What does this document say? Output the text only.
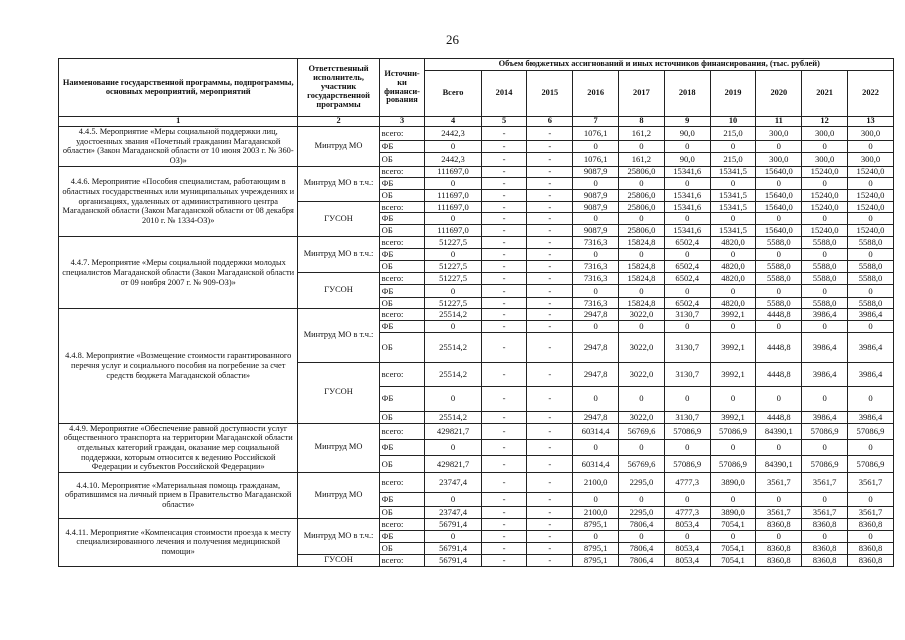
26
Наименование государственной программы, подпрограммы, основных мероприятий, мероприятий	Ответственный исполнитель, участник государственной программы	Источни-ки финанси-рования	Объем бюджетных ассигнований и иных источников финансирования, (тыс. рублей)									
			Всего	2014	2015	2016	2017	2018	2019	2020	2021	2022
1	2	3	4	5	6	7	8	9	10	11	12	13
4.4.5. Мероприятие «Меры социальной поддержки лиц, удостоенных звания «Почетный гражданин Магаданской области» (Закон Магаданской области от 10 июня 2003 г. № 360-ОЗ)»	Минтруд МО	всего:	2442,3	-	-	1076,1	161,2	90,0	215,0	300,0	300,0	300,0
		ФБ	0	-	-	0	0	0	0	0	0	0
		ОБ	2442,3	-	-	1076,1	161,2	90,0	215,0	300,0	300,0	300,0
4.4.6. Мероприятие «Пособия специалистам, работающим в областных государственных или муниципальных учреждениях и организациях, удаленных от административного центра Магаданской области (Закон Магаданской области от 08 декабря 2010 г. № 1334-ОЗ)»	Минтруд МО в т.ч.:	всего:	111697,0	-	-	9087,9	25806,0	15341,6	15341,5	15640,0	15240,0	15240,0
		ФБ	0	-	-	0	0	0	0	0	0	0
		ОБ	111697,0	-	-	9087,9	25806,0	15341,6	15341,5	15640,0	15240,0	15240,0
	ГУСОН	всего:	111697,0	-	-	9087,9	25806,0	15341,6	15341,5	15640,0	15240,0	15240,0
		ФБ	0	-	-	0	0	0	0	0	0	0
		ОБ	111697,0	-	-	9087,9	25806,0	15341,6	15341,5	15640,0	15240,0	15240,0
4.4.7. Мероприятие «Меры социальной поддержки молодых специалистов Магаданской области (Закон Магаданской области от 09 ноября 2007 г. № 909-ОЗ)»	Минтруд МО в т.ч.:	всего:	51227,5	-	-	7316,3	15824,8	6502,4	4820,0	5588,0	5588,0	5588,0
		ФБ	0	-	-	0	0	0	0	0	0	0
		ОБ	51227,5	-	-	7316,3	15824,8	6502,4	4820,0	5588,0	5588,0	5588,0
	ГУСОН	всего:	51227,5	-	-	7316,3	15824,8	6502,4	4820,0	5588,0	5588,0	5588,0
		ФБ	0	-	-	0	0	0	0	0	0	0
		ОБ	51227,5	-	-	7316,3	15824,8	6502,4	4820,0	5588,0	5588,0	5588,0
4.4.8. Мероприятие «Возмещение стоимости гарантированного перечня услуг и социального пособия на погребение за счет средств бюджета Магаданской области»	Минтруд МО в т.ч.:	всего:	25514,2	-	-	2947,8	3022,0	3130,7	3992,1	4448,8	3986,4	3986,4
		ФБ	0	-	-	0	0	0	0	0	0	0
		ОБ	25514,2	-	-	2947,8	3022,0	3130,7	3992,1	4448,8	3986,4	3986,4
	ГУСОН	всего:	25514,2	-	-	2947,8	3022,0	3130,7	3992,1	4448,8	3986,4	3986,4
		ФБ	0	-	-	0	0	0	0	0	0	0
		ОБ	25514,2	-	-	2947,8	3022,0	3130,7	3992,1	4448,8	3986,4	3986,4
4.4.9. Мероприятие «Обеспечение равной доступности услуг общественного транспорта на территории Магаданской области отдельных категорий граждан, оказание мер социальной поддержки, которым относится к ведению Российской Федерации и субъектов Российской Федерации»	Минтруд МО	всего:	429821,7	-	-	60314,4	56769,6	57086,9	57086,9	84390,1	57086,9	57086,9
		ФБ	0	-	-	0	0	0	0	0	0	0
		ОБ	429821,7	-	-	60314,4	56769,6	57086,9	57086,9	84390,1	57086,9	57086,9
4.4.10. Мероприятие «Материальная помощь гражданам, обратившимся на личный прием в Правительство Магаданской области»	Минтруд МО	всего:	23747,4	-	-	2100,0	2295,0	4777,3	3890,0	3561,7	3561,7	3561,7
		ФБ	0	-	-	0	0	0	0	0	0	0
		ОБ	23747,4	-	-	2100,0	2295,0	4777,3	3890,0	3561,7	3561,7	3561,7
4.4.11. Мероприятие «Компенсация стоимости проезда к месту специализированного лечения и получения медицинской помощи»	Минтруд МО в т.ч.:	всего:	56791,4	-	-	8795,1	7806,4	8053,4	7054,1	8360,8	8360,8	8360,8
		ФБ	0	-	-	0	0	0	0	0	0	0
		ОБ	56791,4	-	-	8795,1	7806,4	8053,4	7054,1	8360,8	8360,8	8360,8
	ГУСОН	всего:	56791,4	-	-	8795,1	7806,4	8053,4	7054,1	8360,8	8360,8	8360,8
